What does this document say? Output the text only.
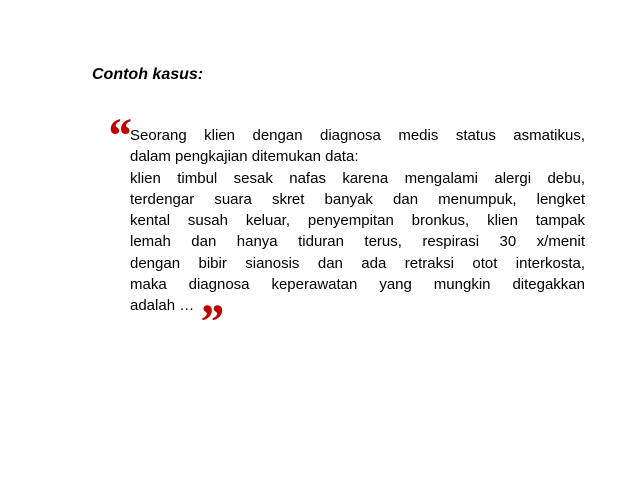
Contoh kasus:
“ Seorang klien dengan diagnosa medis status asmatikus,
dalam pengkajian ditemukan data:
klien timbul sesak nafas karena mengalami alergi debu,
terdengar suara skret banyak dan menumpuk, lengket
kental susah keluar, penyempitan bronkus, klien tampak
lemah dan hanya tiduran terus, respirasi 30 x/menit
dengan bibir sianosis dan ada retraksi otot interkosta,
maka diagnosa keperawatan yang mungkin ditegakkan
adalah … ”
